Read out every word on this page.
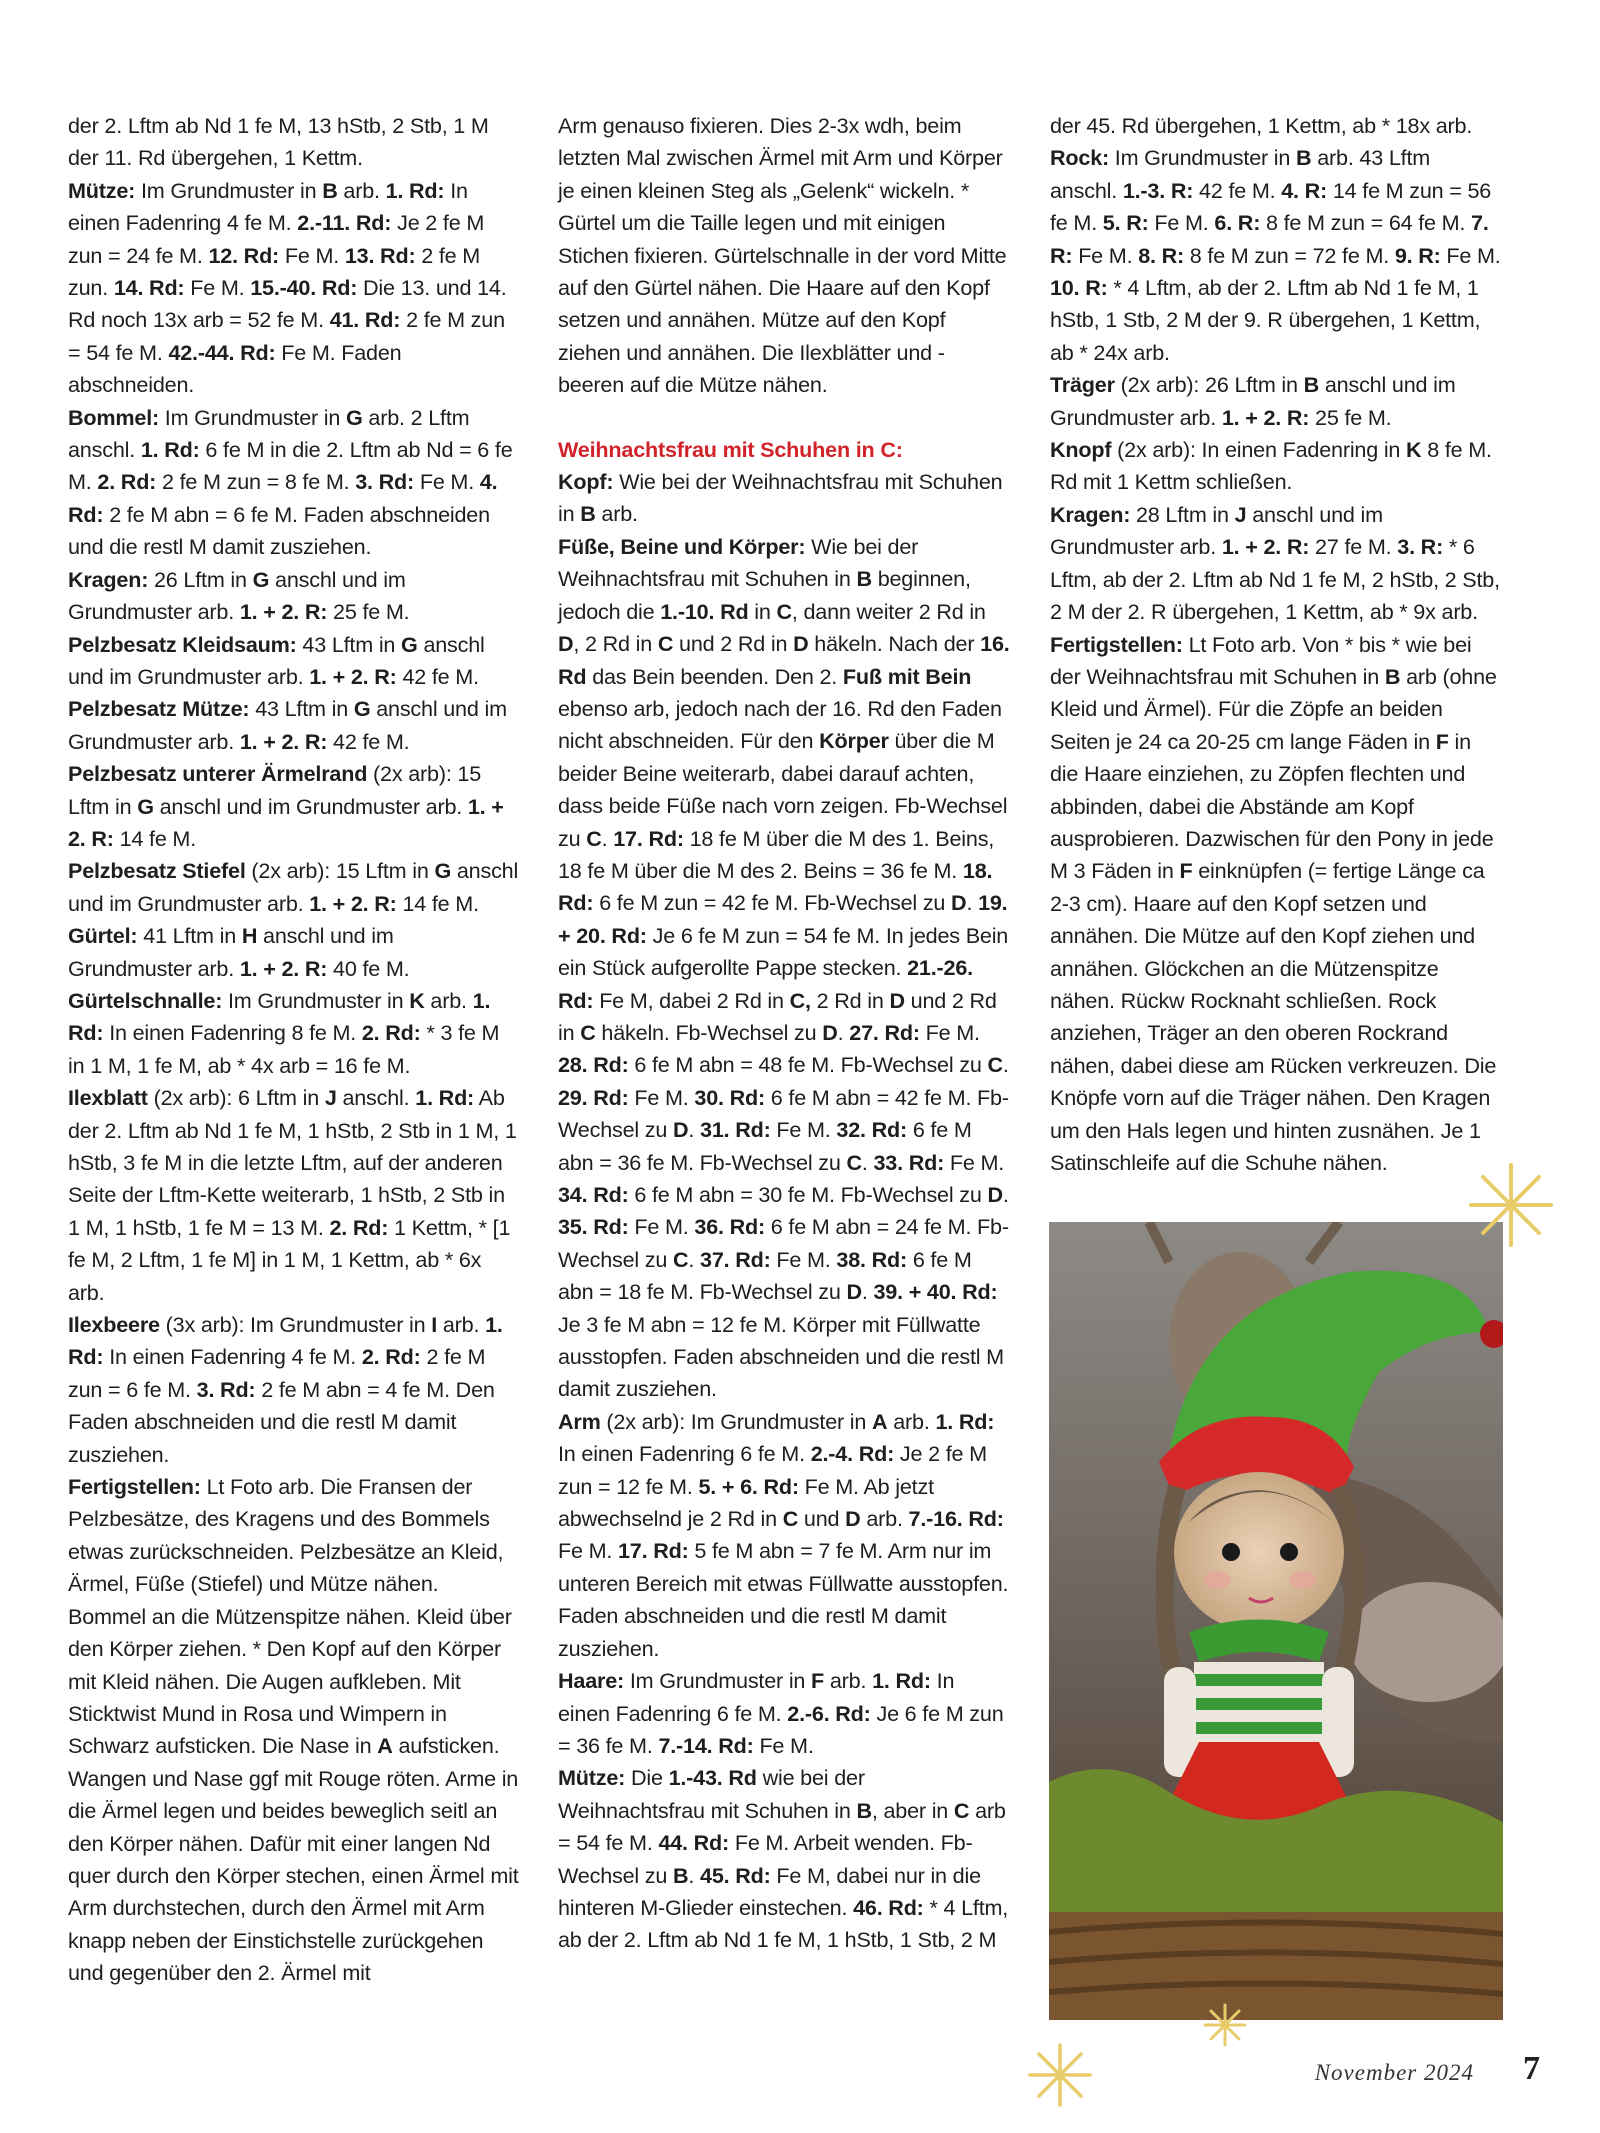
der 2. Lftm ab Nd 1 fe M, 13 hStb, 2 Stb, 1 M der 11. Rd übergehen, 1 Kettm.

Mütze: Im Grundmuster in B arb. 1. Rd: In einen Fadenring 4 fe M. 2.-11. Rd: Je 2 fe M zun = 24 fe M. 12. Rd: Fe M. 13. Rd: 2 fe M zun. 14. Rd: Fe M. 15.-40. Rd: Die 13. und 14. Rd noch 13x arb = 52 fe M. 41. Rd: 2 fe M zun = 54 fe M. 42.-44. Rd: Fe M. Faden abschneiden.

Bommel: Im Grundmuster in G arb. 2 Lftm anschl. 1. Rd: 6 fe M in die 2. Lftm ab Nd = 6 fe M. 2. Rd: 2 fe M zun = 8 fe M. 3. Rd: Fe M. 4. Rd: 2 fe M abn = 6 fe M. Faden abschneiden und die restl M damit zusziehen.

Kragen: 26 Lftm in G anschl und im Grundmuster arb. 1. + 2. R: 25 fe M.

Pelzbesatz Kleidsaum: 43 Lftm in G anschl und im Grundmuster arb. 1. + 2. R: 42 fe M.

Pelzbesatz Mütze: 43 Lftm in G anschl und im Grundmuster arb. 1. + 2. R: 42 fe M.

Pelzbesatz unterer Ärmelrand (2x arb): 15 Lftm in G anschl und im Grundmuster arb. 1. + 2. R: 14 fe M.

Pelzbesatz Stiefel (2x arb): 15 Lftm in G anschl und im Grundmuster arb. 1. + 2. R: 14 fe M.

Gürtel: 41 Lftm in H anschl und im Grundmuster arb. 1. + 2. R: 40 fe M.

Gürtelschnalle: Im Grundmuster in K arb. 1. Rd: In einen Fadenring 8 fe M. 2. Rd: * 3 fe M in 1 M, 1 fe M, ab * 4x arb = 16 fe M.

Ilexblatt (2x arb): 6 Lftm in J anschl. 1. Rd: Ab der 2. Lftm ab Nd 1 fe M, 1 hStb, 2 Stb in 1 M, 1 hStb, 3 fe M in die letzte Lftm, auf der anderen Seite der Lftm-Kette weiterarb, 1 hStb, 2 Stb in 1 M, 1 hStb, 1 fe M = 13 M. 2. Rd: 1 Kettm, * [1 fe M, 2 Lftm, 1 fe M] in 1 M, 1 Kettm, ab * 6x arb.

Ilexbeere (3x arb): Im Grundmuster in I arb. 1. Rd: In einen Fadenring 4 fe M. 2. Rd: 2 fe M zun = 6 fe M. 3. Rd: 2 fe M abn = 4 fe M. Den Faden abschneiden und die restl M damit zusziehen.

Fertigstellen: Lt Foto arb. Die Fransen der Pelzbesätze, des Kragens und des Bommels etwas zurückschneiden. Pelzbesätze an Kleid, Ärmel, Füße (Stiefel) und Mütze nähen. Bommel an die Mützenspitze nähen. Kleid über den Körper ziehen. * Den Kopf auf den Körper mit Kleid nähen. Die Augen aufkleben. Mit Sticktwist Mund in Rosa und Wimpern in Schwarz aufsticken. Die Nase in A aufsticken. Wangen und Nase ggf mit Rouge röten. Arme in die Ärmel legen und beides beweglich seitl an den Körper nähen. Dafür mit einer langen Nd quer durch den Körper stechen, einen Ärmel mit Arm durchstechen, durch den Ärmel mit Arm knapp neben der Einstichstelle zurückgehen und gegenüber den 2. Ärmel mit

Arm genauso fixieren. Dies 2-3x wdh, beim letzten Mal zwischen Ärmel mit Arm und Körper je einen kleinen Steg als „Gelenk“ wickeln. * Gürtel um die Taille legen und mit einigen Stichen fixieren. Gürtelschnalle in der vord Mitte auf den Gürtel nähen. Die Haare auf den Kopf setzen und annähen. Mütze auf den Kopf ziehen und annähen. Die Ilexblätter und -beeren auf die Mütze nähen.

Weihnachtsfrau mit Schuhen in C:

Kopf: Wie bei der Weihnachtsfrau mit Schuhen in B arb.

Füße, Beine und Körper: Wie bei der Weihnachtsfrau mit Schuhen in B beginnen, jedoch die 1.-10. Rd in C, dann weiter 2 Rd in D, 2 Rd in C und 2 Rd in D häkeln. Nach der 16. Rd das Bein beenden. Den 2. Fuß mit Bein ebenso arb, jedoch nach der 16. Rd den Faden nicht abschneiden. Für den Körper über die M beider Beine weiterarb, dabei darauf achten, dass beide Füße nach vorn zeigen. Fb-Wechsel zu C. 17. Rd: 18 fe M über die M des 1. Beins, 18 fe M über die M des 2. Beins = 36 fe M. 18. Rd: 6 fe M zun = 42 fe M. Fb-Wechsel zu D. 19. + 20. Rd: Je 6 fe M zun = 54 fe M. In jedes Bein ein Stück aufgerollte Pappe stecken. 21.-26. Rd: Fe M, dabei 2 Rd in C, 2 Rd in D und 2 Rd in C häkeln. Fb-Wechsel zu D. 27. Rd: Fe M. 28. Rd: 6 fe M abn = 48 fe M. Fb-Wechsel zu C. 29. Rd: Fe M. 30. Rd: 6 fe M abn = 42 fe M. Fb-Wechsel zu D. 31. Rd: Fe M. 32. Rd: 6 fe M abn = 36 fe M. Fb-Wechsel zu C. 33. Rd: Fe M. 34. Rd: 6 fe M abn = 30 fe M. Fb-Wechsel zu D. 35. Rd: Fe M. 36. Rd: 6 fe M abn = 24 fe M. Fb-Wechsel zu C. 37. Rd: Fe M. 38. Rd: 6 fe M abn = 18 fe M. Fb-Wechsel zu D. 39. + 40. Rd: Je 3 fe M abn = 12 fe M. Körper mit Füllwatte ausstopfen. Faden abschneiden und die restl M damit zusziehen.

Arm (2x arb): Im Grundmuster in A arb. 1. Rd: In einen Fadenring 6 fe M. 2.-4. Rd: Je 2 fe M zun = 12 fe M. 5. + 6. Rd: Fe M. Ab jetzt abwechselnd je 2 Rd in C und D arb. 7.-16. Rd: Fe M. 17. Rd: 5 fe M abn = 7 fe M. Arm nur im unteren Bereich mit etwas Füllwatte ausstopfen. Faden abschneiden und die restl M damit zusziehen.

Haare: Im Grundmuster in F arb. 1. Rd: In einen Fadenring 6 fe M. 2.-6. Rd: Je 6 fe M zun = 36 fe M. 7.-14. Rd: Fe M.

Mütze: Die 1.-43. Rd wie bei der Weihnachtsfrau mit Schuhen in B, aber in C arb = 54 fe M. 44. Rd: Fe M. Arbeit wenden. Fb-Wechsel zu B. 45. Rd: Fe M, dabei nur in die hinteren M-Glieder einstechen. 46. Rd: * 4 Lftm, ab der 2. Lftm ab Nd 1 fe M, 1 hStb, 1 Stb, 2 M

der 45. Rd übergehen, 1 Kettm, ab * 18x arb.

Rock: Im Grundmuster in B arb. 43 Lftm anschl. 1.-3. R: 42 fe M. 4. R: 14 fe M zun = 56 fe M. 5. R: Fe M. 6. R: 8 fe M zun = 64 fe M. 7. R: Fe M. 8. R: 8 fe M zun = 72 fe M. 9. R: Fe M. 10. R: * 4 Lftm, ab der 2. Lftm ab Nd 1 fe M, 1 hStb, 1 Stb, 2 M der 9. R übergehen, 1 Kettm, ab * 24x arb.

Träger (2x arb): 26 Lftm in B anschl und im Grundmuster arb. 1. + 2. R: 25 fe M.

Knopf (2x arb): In einen Fadenring in K 8 fe M. Rd mit 1 Kettm schließen.

Kragen: 28 Lftm in J anschl und im Grundmuster arb. 1. + 2. R: 27 fe M. 3. R: * 6 Lftm, ab der 2. Lftm ab Nd 1 fe M, 2 hStb, 2 Stb, 2 M der 2. R übergehen, 1 Kettm, ab * 9x arb.

Fertigstellen: Lt Foto arb. Von * bis * wie bei der Weihnachtsfrau mit Schuhen in B arb (ohne Kleid und Ärmel). Für die Zöpfe an beiden Seiten je 24 ca 20-25 cm lange Fäden in F in die Haare einziehen, zu Zöpfen flechten und abbinden, dabei die Abstände am Kopf ausprobieren. Dazwischen für den Pony in jede M 3 Fäden in F einknüpfen (= fertige Länge ca 2-3 cm). Haare auf den Kopf setzen und annähen. Die Mütze auf den Kopf ziehen und annähen. Glöckchen an die Mützenspitze nähen. Rückw Rocknaht schließen. Rock anziehen, Träger an den oberen Rockrand nähen, dabei diese am Rücken verkreuzen. Die Knöpfe vorn auf die Träger nähen. Den Kragen um den Hals legen und hinten zusnähen. Je 1 Satinschleife auf die Schuhe nähen.

November 2024 7
